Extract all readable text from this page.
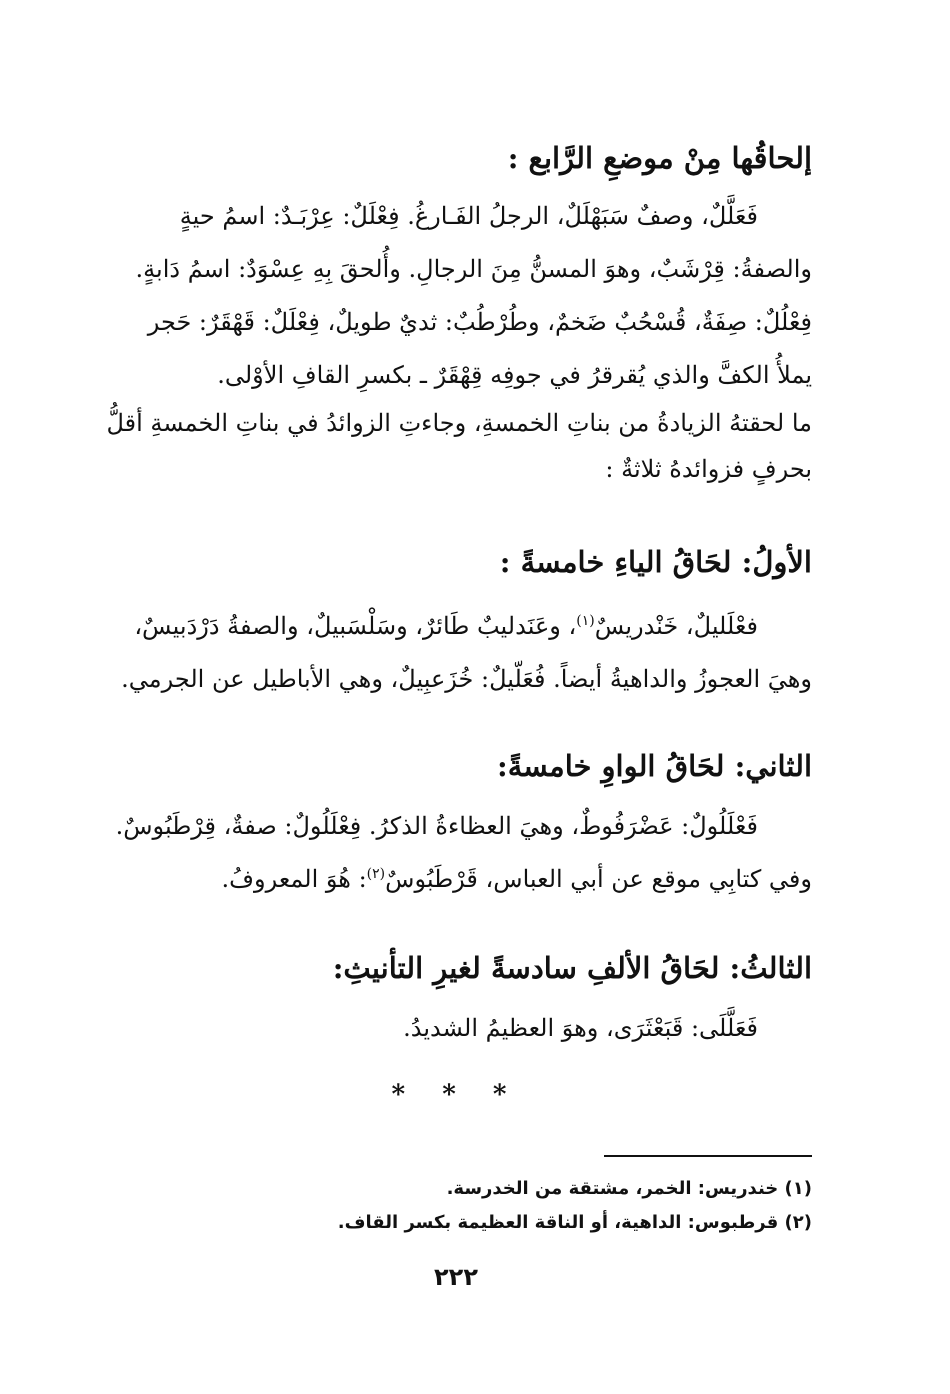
إلحاقُها مِنْ موضعِ الرَّابع :
فَعَلَّلٌ، وصفٌ سَبَهْلَلٌ، الرجلُ الفَـارغُ. فِعْلَلٌ: عِرْبَـدٌ: اسمُ حيةٍ
والصفةُ: قِرْشَبٌ، وهوَ المسنُّ مِنَ الرجالِ. وأُلحقَ بِهِ عِسْوَدٌ: اسمُ دَابةٍ.
فِعْلُلٌ: صِفَةٌ، قُسْحُبٌ ضَخمٌ، وطُرْطُبٌ: ثديٌ طويلٌ، فِعْلَلٌ: قَهْقَرٌ: حَجر
يملأُ الكفَّ والذي يُقرقرُ في جوفِه قِهْقَرٌ ـ بكسرِ القافِ الأوْلى.
ما لحقتهُ الزيادةُ من بناتِ الخمسةِ، وجاءتِ الزوائدُ في بناتِ الخمسةِ أقلُّ
بحرفٍ فزوائدهُ ثلاثةٌ :
الأولُ: لحَاقُ الياءِ خامسةً :
فعْلَليلٌ، خَنْدريسٌ$^{(١)}$، وعَنَدليبٌ طَائرٌ، وسَلْسَبيلٌ، والصفةُ دَرْدَبيسٌ،
وهيَ العجوزُ والداهيةُ أيضاً. فُعَلّيلٌ: خُزَعبِيلٌ، وهي الأباطيل عن الجرمي.
الثاني: لحَاقُ الواوِ خامسةً:
فَعْلَلُولٌ: عَضْرَفُوطٌ، وهيَ العظاءةُ الذكرُ. فِعْلَلُولٌ: صفةٌ، قِرْطَبُوسٌ.
وفي كتابِي موقع عن أبي العباس، قَرْطَبُوسٌ$^{(٢)}$: هُوَ المعروفُ.
الثالثُ: لحَاقُ الألفِ سادسةً لغيرِ التأنيثِ:
فَعَلَّلَى: قَبَعْثَرَى، وهوَ العظيمُ الشديدُ.
* * *
(١) خندريس: الخمر، مشتقة من الخدرسة.
(٢) قرطبوس: الداهية، أو الناقة العظيمة بكسر القاف.
٢٢٢
